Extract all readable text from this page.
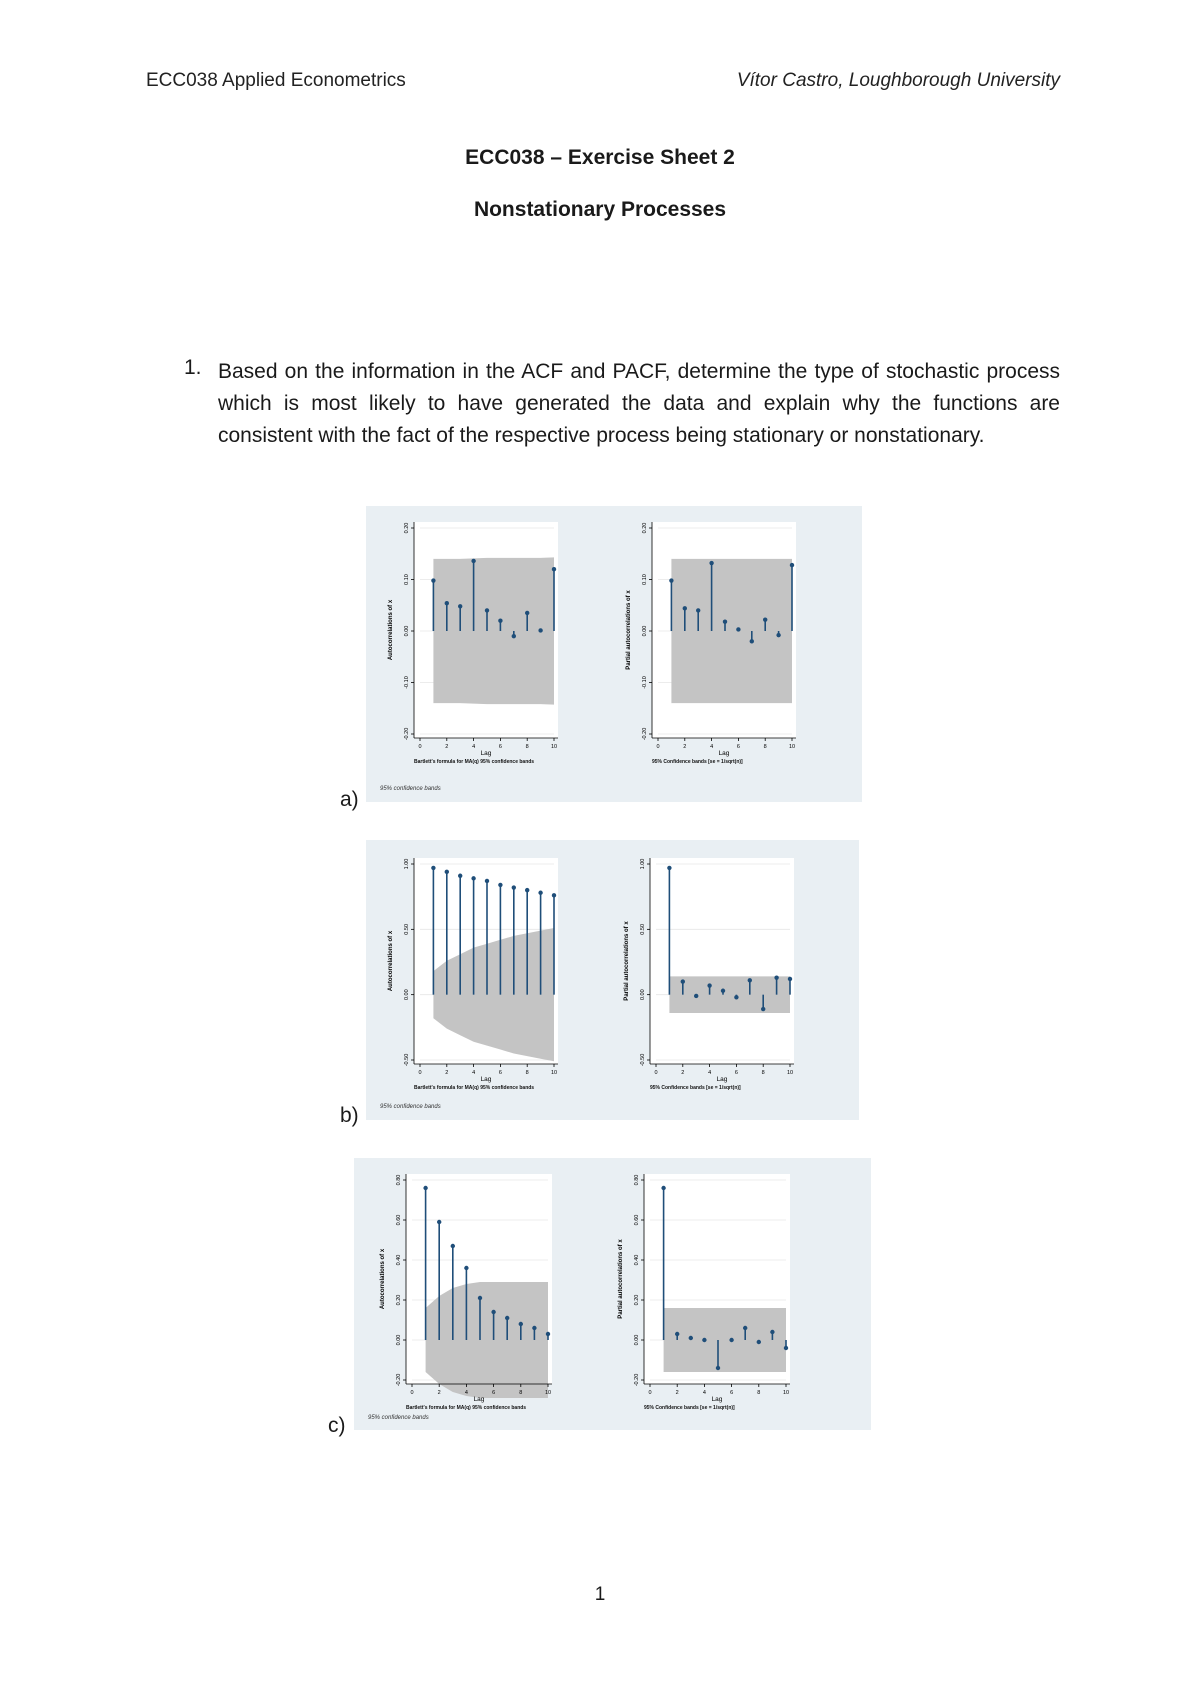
ECC038 Applied Econometrics	Vítor Castro, Loughborough University
ECC038 – Exercise Sheet 2
Nonstationary Processes
1. Based on the information in the ACF and PACF, determine the type of stochastic process which is most likely to have generated the data and explain why the functions are consistent with the fact of the respective process being stationary or nonstationary.
-0.20
-0.10
0.00
0.10
0.20
0	2	4	6	8	10
Lag
Autocorrelations of x
Bartlett's formula for MA(q) 95% confidence bands
-0.20
-0.10
0.00
0.10
0.20
0	2	4	6	8	10
Lag
Partial autocorrelations of x
95% Confidence bands [se = 1/sqrt(n)]
95% confidence bands
a)
-0.50
0.00
0.50
1.00
0	2	4	6	8	10
Lag
Autocorrelations of x
Bartlett's formula for MA(q) 95% confidence bands
-0.50
0.00
0.50
1.00
0	2	4	6	8	10
Lag
Partial autocorrelations of x
95% Confidence bands [se = 1/sqrt(n)]
95% confidence bands
b)
-0.20
0.00
0.20
0.40
0.60
0.80
0	2	4	6	8	10
Lag
Autocorrelations of x
Bartlett's formula for MA(q) 95% confidence bands
-0.20
0.00
0.20
0.40
0.60
0.80
0	2	4	6	8	10
Lag
Partial autocorrelations of x
95% Confidence bands [se = 1/sqrt(n)]
95% confidence bands
c)
1
